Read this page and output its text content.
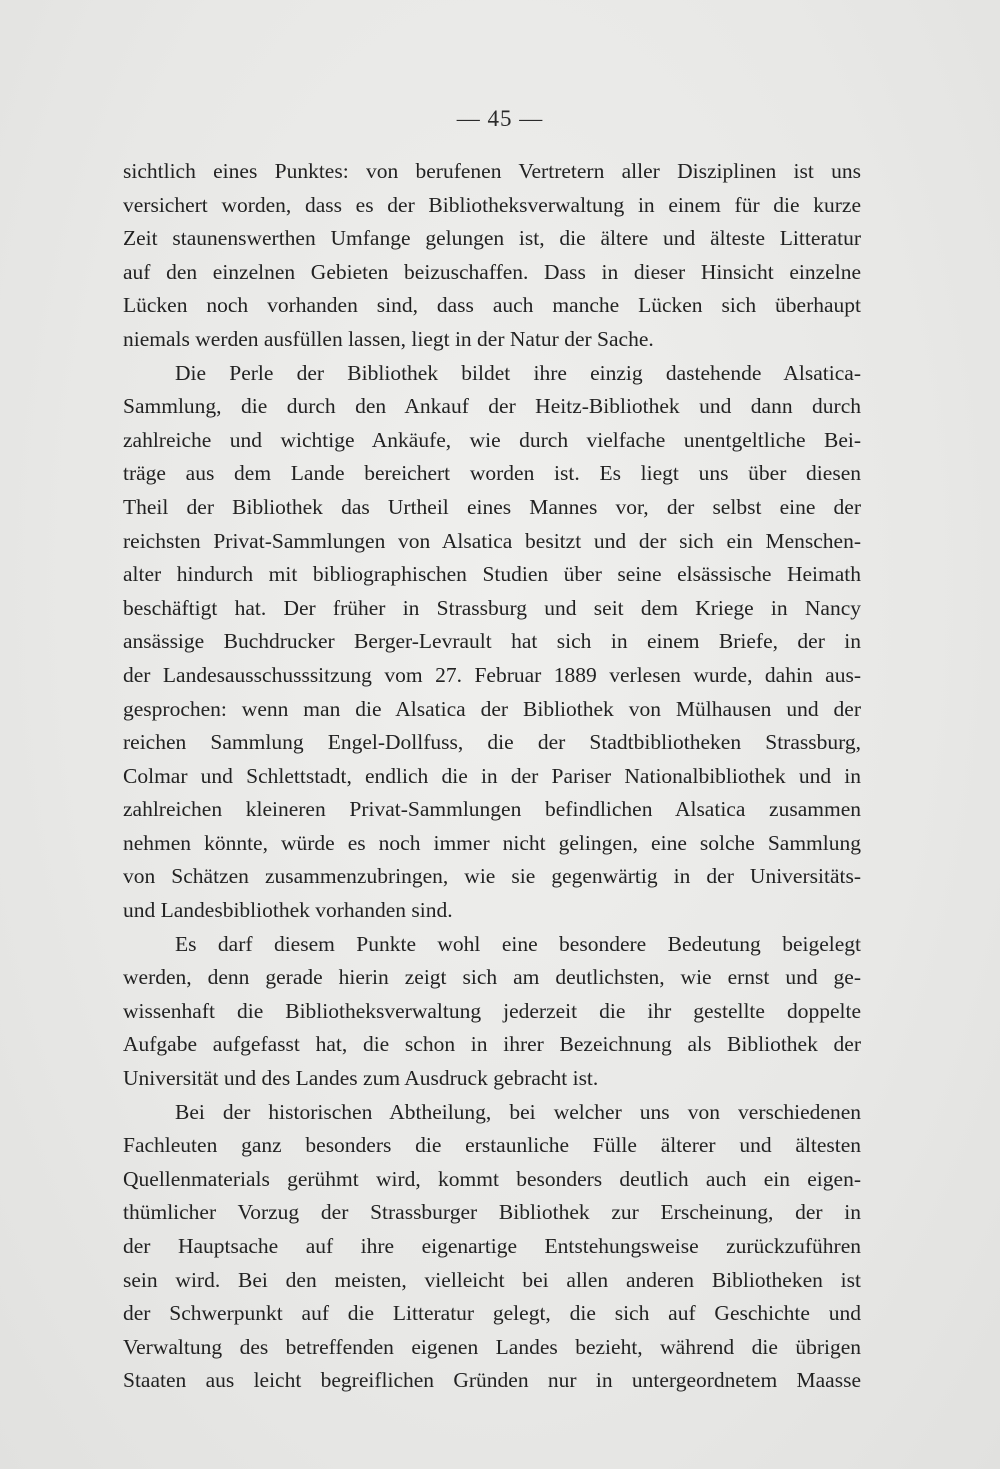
— 45 —
sichtlich eines Punktes: von berufenen Vertretern aller Disziplinen ist uns
versichert worden, dass es der Bibliotheksverwaltung in einem für die kurze
Zeit staunenswerthen Umfange gelungen ist, die ältere und älteste Litteratur
auf den einzelnen Gebieten beizuschaffen. Dass in dieser Hinsicht einzelne
Lücken noch vorhanden sind, dass auch manche Lücken sich überhaupt
niemals werden ausfüllen lassen, liegt in der Natur der Sache.
Die Perle der Bibliothek bildet ihre einzig dastehende Alsatica-
Sammlung, die durch den Ankauf der Heitz-Bibliothek und dann durch
zahlreiche und wichtige Ankäufe, wie durch vielfache unentgeltliche Bei-
träge aus dem Lande bereichert worden ist. Es liegt uns über diesen
Theil der Bibliothek das Urtheil eines Mannes vor, der selbst eine der
reichsten Privat-Sammlungen von Alsatica besitzt und der sich ein Menschen-
alter hindurch mit bibliographischen Studien über seine elsässische Heimath
beschäftigt hat. Der früher in Strassburg und seit dem Kriege in Nancy
ansässige Buchdrucker Berger-Levrault hat sich in einem Briefe, der in
der Landesausschusssitzung vom 27. Februar 1889 verlesen wurde, dahin aus-
gesprochen: wenn man die Alsatica der Bibliothek von Mülhausen und der
reichen Sammlung Engel-Dollfuss, die der Stadtbibliotheken Strassburg,
Colmar und Schlettstadt, endlich die in der Pariser Nationalbibliothek und in
zahlreichen kleineren Privat-Sammlungen befindlichen Alsatica zusammen
nehmen könnte, würde es noch immer nicht gelingen, eine solche Sammlung
von Schätzen zusammenzubringen, wie sie gegenwärtig in der Universitäts-
und Landesbibliothek vorhanden sind.
Es darf diesem Punkte wohl eine besondere Bedeutung beigelegt
werden, denn gerade hierin zeigt sich am deutlichsten, wie ernst und ge-
wissenhaft die Bibliotheksverwaltung jederzeit die ihr gestellte doppelte
Aufgabe aufgefasst hat, die schon in ihrer Bezeichnung als Bibliothek der
Universität und des Landes zum Ausdruck gebracht ist.
Bei der historischen Abtheilung, bei welcher uns von verschiedenen
Fachleuten ganz besonders die erstaunliche Fülle älterer und ältesten
Quellenmaterials gerühmt wird, kommt besonders deutlich auch ein eigen-
thümlicher Vorzug der Strassburger Bibliothek zur Erscheinung, der in
der Hauptsache auf ihre eigenartige Entstehungsweise zurückzuführen
sein wird. Bei den meisten, vielleicht bei allen anderen Bibliotheken ist
der Schwerpunkt auf die Litteratur gelegt, die sich auf Geschichte und
Verwaltung des betreffenden eigenen Landes bezieht, während die übrigen
Staaten aus leicht begreiflichen Gründen nur in untergeordnetem Maasse
